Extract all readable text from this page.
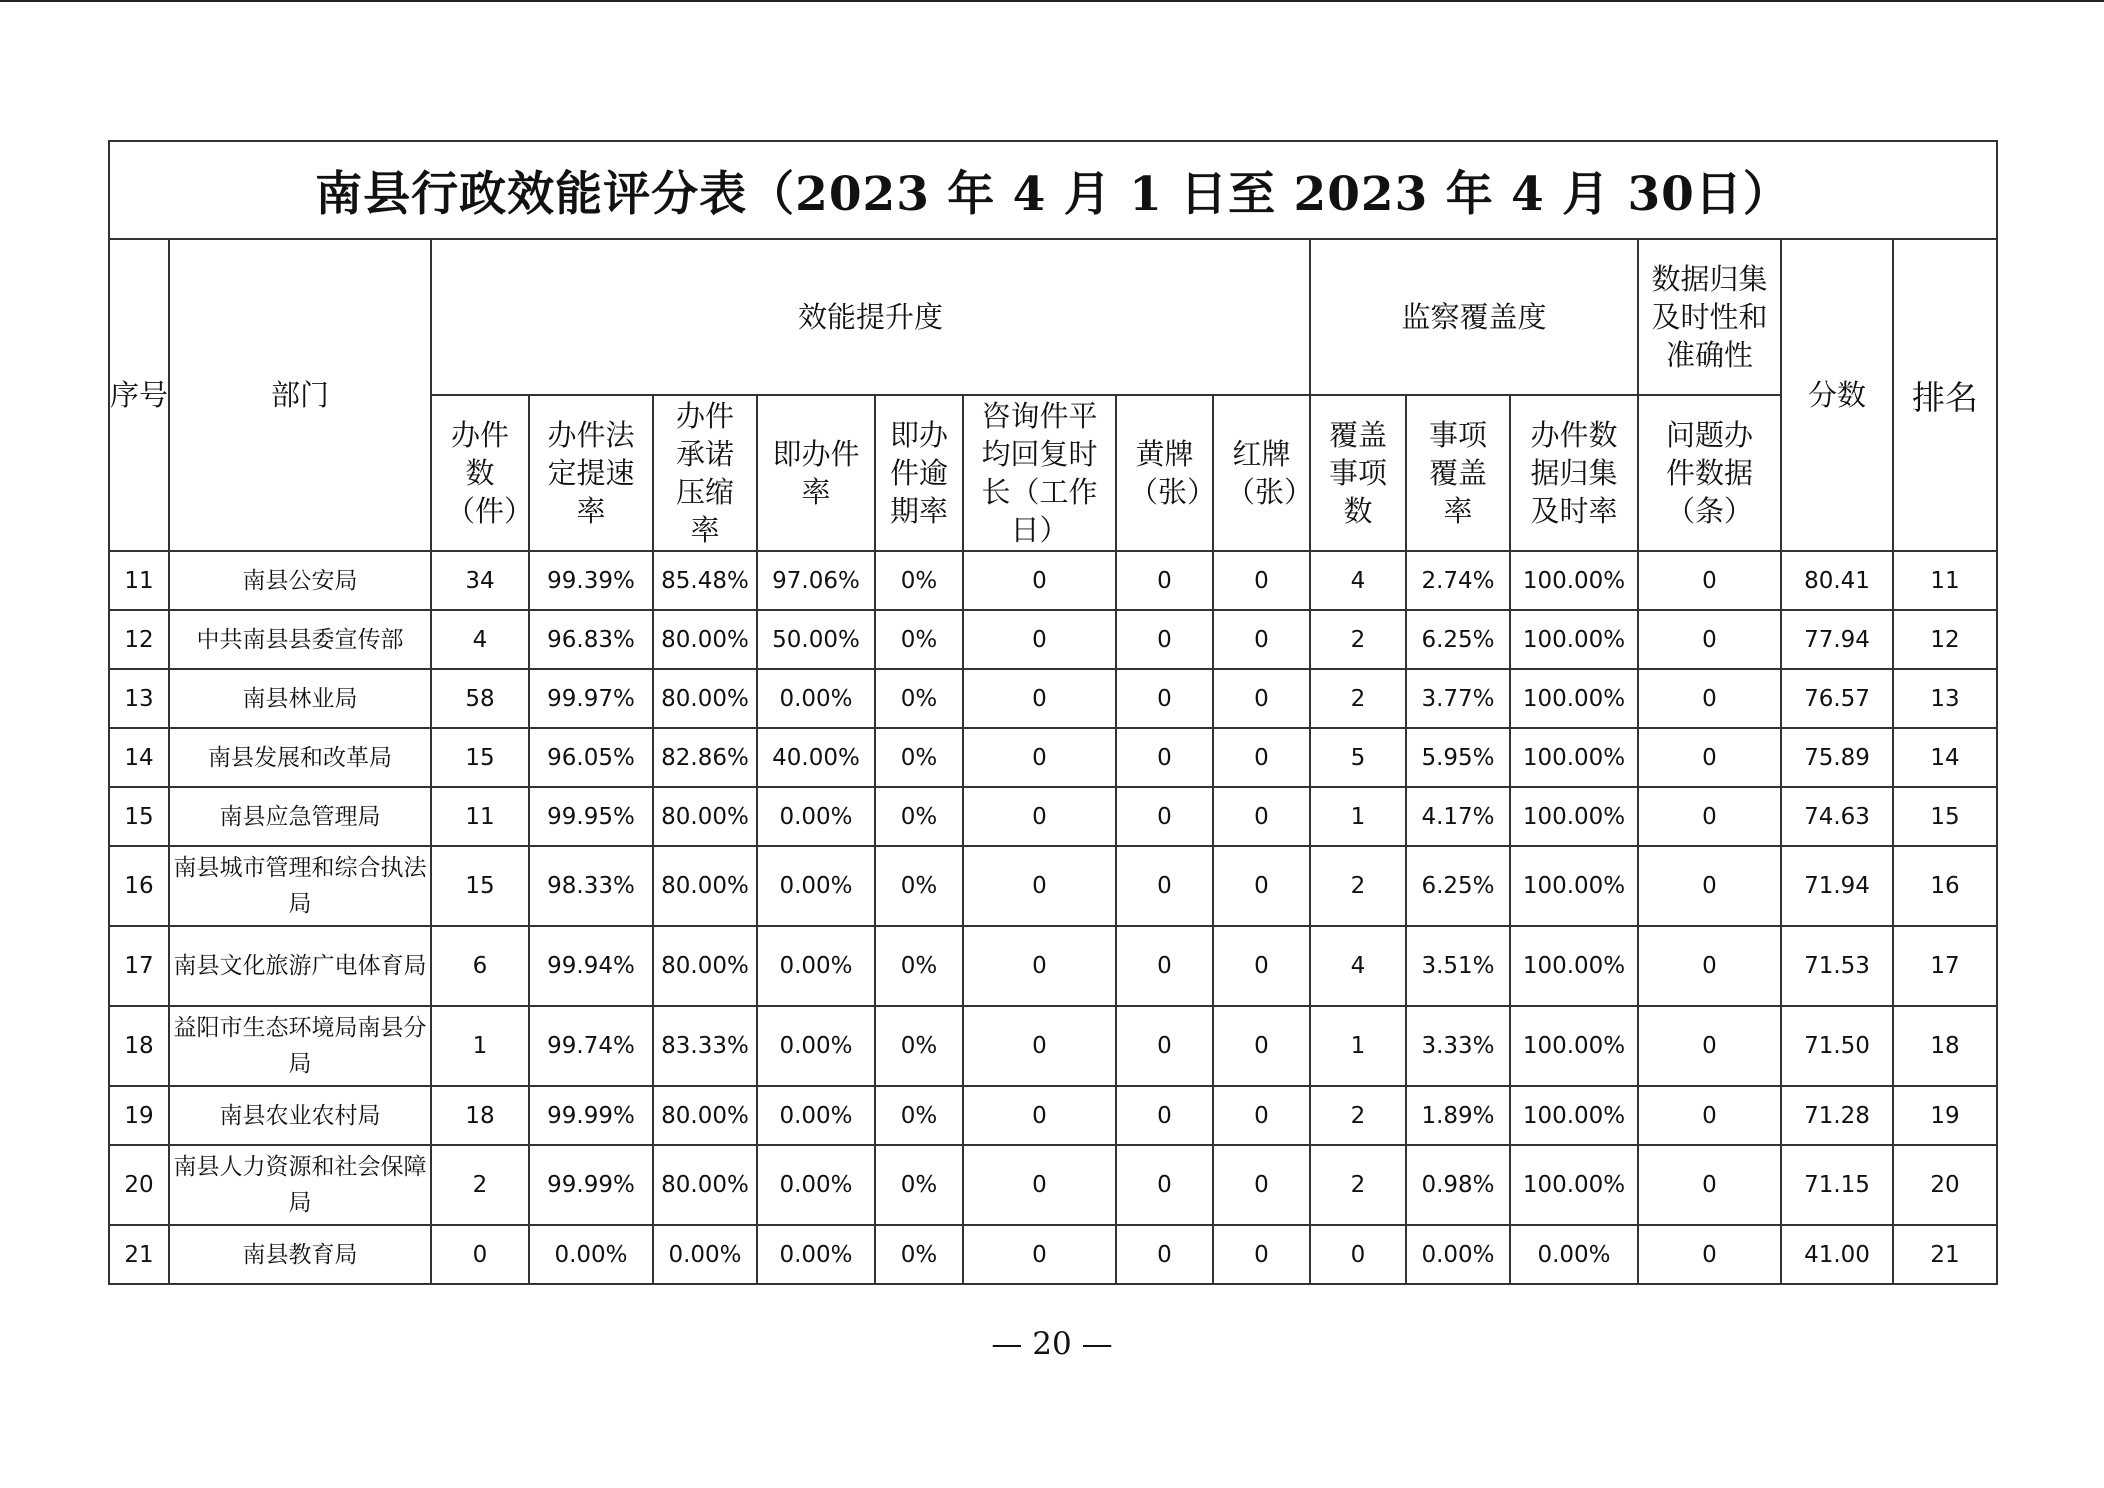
南县行政效能评分表（2023 年 4 月 1 日至 2023 年 4 月 30日）															
序号	部门	效能提升度								监察覆盖度			数据归集及时性和准确性	分数	排名
		办件数（件）	办件法定提速率	办件承诺压缩率	即办件率	即办件逾期率	咨询件平均回复时长（工作日）	黄牌（张）	红牌（张）	覆盖事项数	事项覆盖率	办件数据归集及时率	问题办件数据（条）		
11	南县公安局	34	99.39%	85.48%	97.06%	0%	0	0	0	4	2.74%	100.00%	0	80.41	11
12	中共南县县委宣传部	4	96.83%	80.00%	50.00%	0%	0	0	0	2	6.25%	100.00%	0	77.94	12
13	南县林业局	58	99.97%	80.00%	0.00%	0%	0	0	0	2	3.77%	100.00%	0	76.57	13
14	南县发展和改革局	15	96.05%	82.86%	40.00%	0%	0	0	0	5	5.95%	100.00%	0	75.89	14
15	南县应急管理局	11	99.95%	80.00%	0.00%	0%	0	0	0	1	4.17%	100.00%	0	74.63	15
16	南县城市管理和综合执法局	15	98.33%	80.00%	0.00%	0%	0	0	0	2	6.25%	100.00%	0	71.94	16
17	南县文化旅游广电体育局	6	99.94%	80.00%	0.00%	0%	0	0	0	4	3.51%	100.00%	0	71.53	17
18	益阳市生态环境局南县分局	1	99.74%	83.33%	0.00%	0%	0	0	0	1	3.33%	100.00%	0	71.50	18
19	南县农业农村局	18	99.99%	80.00%	0.00%	0%	0	0	0	2	1.89%	100.00%	0	71.28	19
20	南县人力资源和社会保障局	2	99.99%	80.00%	0.00%	0%	0	0	0	2	0.98%	100.00%	0	71.15	20
21	南县教育局	0	0.00%	0.00%	0.00%	0%	0	0	0	0	0.00%	0.00%	0	41.00	21
— 20 —
